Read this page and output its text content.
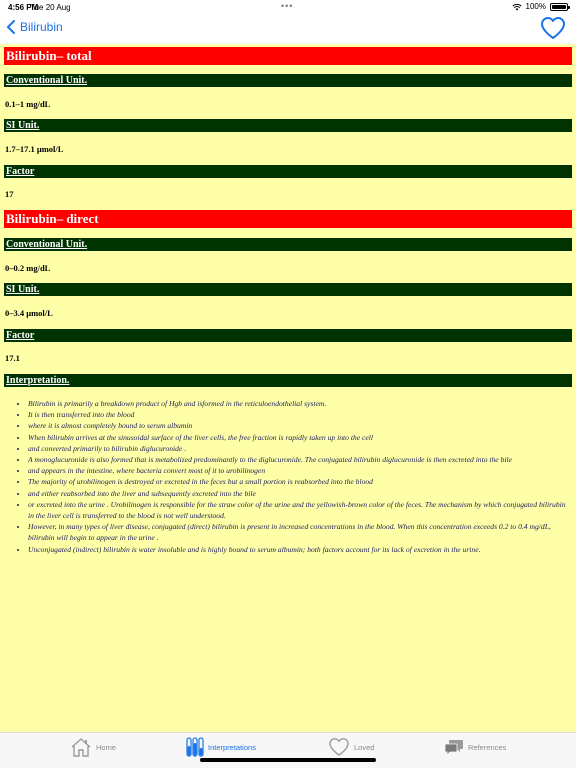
4:56 PM
Tue 20 Aug	•••	100%
Bilirubin
Bilirubin– total
Conventional Unit.
0.1–1 mg/dL
SI Unit.
1.7–17.1 μmol/L
Factor
17
Bilirubin– direct
Conventional Unit.
0–0.2 mg/dL
SI Unit.
0–3.4 μmol/L
Factor
17.1
Interpretation.
• Bilirubin is primarily a breakdown product of Hgb and isformed in the reticuloendothelial system.
• It is then transferred into the blood
• where it is almost completely bound to serum albumin
• When bilirubin arrives at the sinusoidal surface of the liver cells, the free fraction is rapidly taken up into the cell
• and converted primarily to bilirubin diglucuronide .
• A monoglucuronide is also formed that is metabolized predominantly to the diglucuronide. The conjugated bilirubin diglucuronide is then excreted into the bile
• and appears in the intestine, where bacteria convert most of it to urobilinogen
• The majority of urobilinogen is destroyed or excreted in the feces but a small portion is reabsorbed into the blood
• and either reabsorbed into the liver and subsequently excreted into the bile
• or excreted into the urine . Urobilinogen is responsible for the straw color of the urine and the yellowish-brown color of the feces. The mechanism by which conjugated bilirubin in the liver cell is transferred to the blood is not well understood.
• However, in many types of liver disease, conjugated (direct) bilirubin is present in increased concentrations in the blood. When this concentration exceeds 0.2 to 0.4 mg/dL, bilirubin will begin to appear in the urine .
• Unconjugated (indirect) bilirubin is water insoluble and is highly bound to serum albumin; both factors account for its lack of excretion in the urine.
Home	Interpretations	Loved	References
